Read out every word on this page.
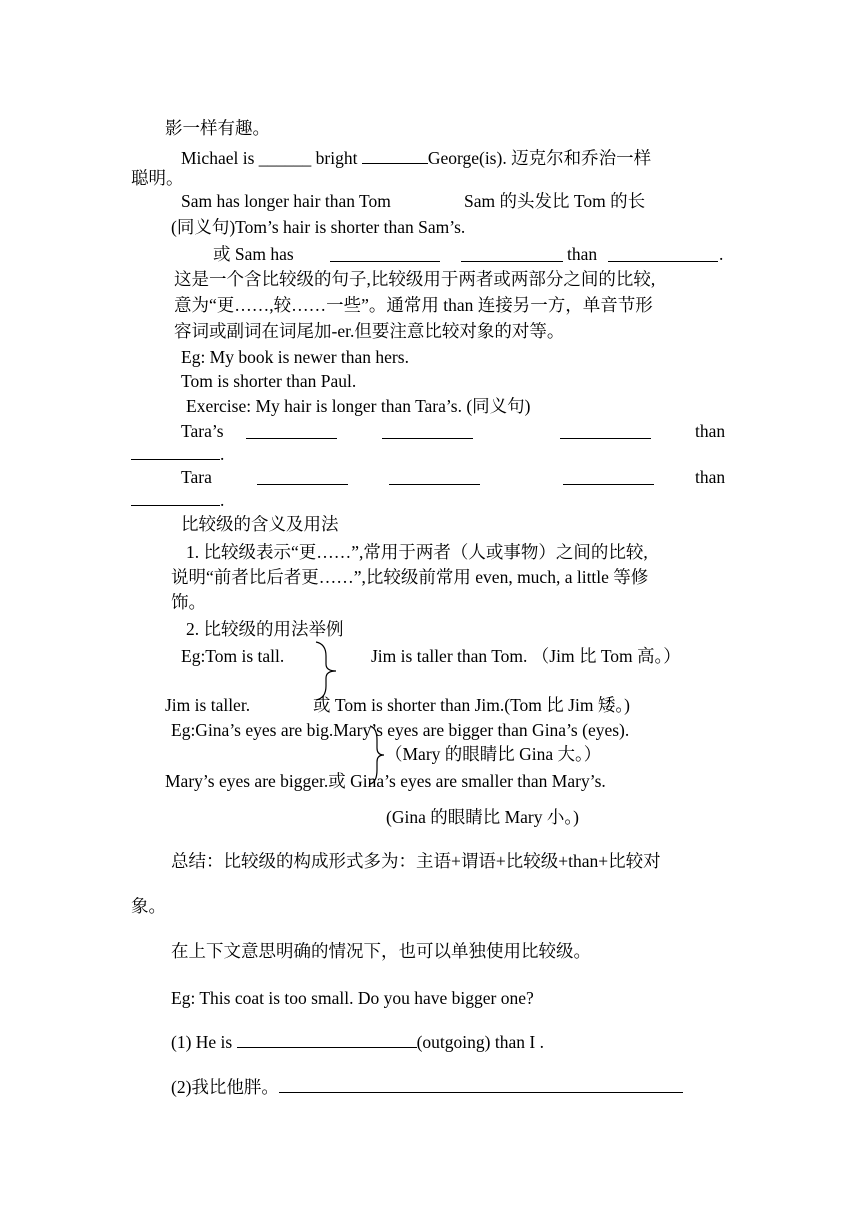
影一样有趣。
Michael is ______ bright	George(is). 迈克尔和乔治一样
聪明。
Sam has longer hair than Tom	Sam 的头发比 Tom 的长
(同义句)Tom’s hair is shorter than Sam’s.
或 Sam has	than	.
这是一个含比较级的句子,比较级用于两者或两部分之间的比较,
意为“更……,较……一些”。通常用 than 连接另一方，单音节形
容词或副词在词尾加-er.但要注意比较对象的对等。
Eg: My book is newer than hers.
Tom is shorter than Paul.
Exercise: My hair is longer than Tara’s. (同义句)
Tara’s	than
.
Tara	than
.
比较级的含义及用法
1. 比较级表示“更……”,常用于两者（人或事物）之间的比较,
说明“前者比后者更……”,比较级前常用 even, much, a little 等修
饰。
2. 比较级的用法举例
Eg:Tom is tall.	Jim is taller than Tom. （Jim 比 Tom 高。）
Jim is taller.	或 Tom is shorter than Jim.(Tom 比 Jim 矮。)
Eg:Gina’s eyes are big.Mary’s eyes are bigger than Gina’s (eyes).
（Mary 的眼睛比 Gina 大。）
Mary’s eyes are bigger.或 Gina’s eyes are smaller than Mary’s.
(Gina 的眼睛比 Mary 小。)
总结：比较级的构成形式多为：主语+谓语+比较级+than+比较对
象。
在上下文意思明确的情况下，也可以单独使用比较级。
Eg: This coat is too small. Do you have bigger one?
(1) He is	(outgoing) than I .
(2)我比他胖。
